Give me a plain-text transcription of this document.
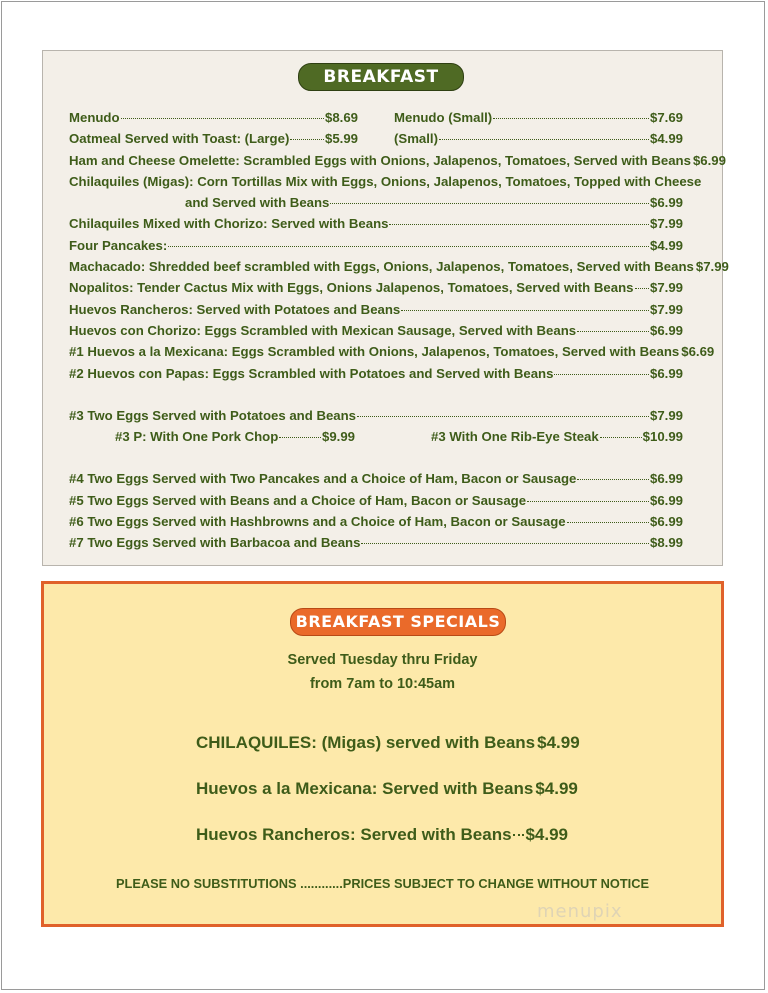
BREAKFAST
Menudo	$8.69	Menudo (Small)	$7.69
Oatmeal Served with Toast: (Large)	$5.99	(Small)	$4.99
Ham and Cheese Omelette: Scrambled Eggs with Onions, Jalapenos, Tomatoes, Served with Beans $6.99
Chilaquiles (Migas): Corn Tortillas Mix with Eggs, Onions, Jalapenos, Tomatoes, Topped with Cheese
and Served with Beans	$6.99
Chilaquiles Mixed with Chorizo: Served with Beans	$7.99
Four Pancakes:	$4.99
Machacado: Shredded beef scrambled with Eggs, Onions, Jalapenos, Tomatoes, Served with Beans $7.99
Nopalitos: Tender Cactus Mix with Eggs, Onions Jalapenos, Tomatoes, Served with Beans $7.99
Huevos Rancheros: Served with Potatoes and Beans	$7.99
Huevos con Chorizo: Eggs Scrambled with Mexican Sausage, Served with Beans	$6.99
#1 Huevos a la Mexicana: Eggs Scrambled with Onions, Jalapenos, Tomatoes, Served with Beans $6.69
#2 Huevos con Papas: Eggs Scrambled with Potatoes and Served with Beans	$6.99
#3 Two Eggs Served with Potatoes and Beans	$7.99
#3 P: With One Pork Chop	$9.99	#3 With One Rib-Eye Steak	$10.99
#4 Two Eggs Served with Two Pancakes and a Choice of Ham, Bacon or Sausage	$6.99
#5 Two Eggs Served with Beans and a Choice of Ham, Bacon or Sausage	$6.99
#6 Two Eggs Served with Hashbrowns and a Choice of Ham, Bacon or Sausage	$6.99
#7 Two Eggs Served with Barbacoa and Beans	$8.99
BREAKFAST SPECIALS
Served Tuesday thru Friday
from 7am to 10:45am
CHILAQUILES: (Migas) served with Beans $4.99
Huevos a la Mexicana: Served with Beans $4.99
Huevos Rancheros: Served with Beans $4.99
PLEASE NO SUBSTITUTIONS ............PRICES SUBJECT TO CHANGE WITHOUT NOTICE
menupix
